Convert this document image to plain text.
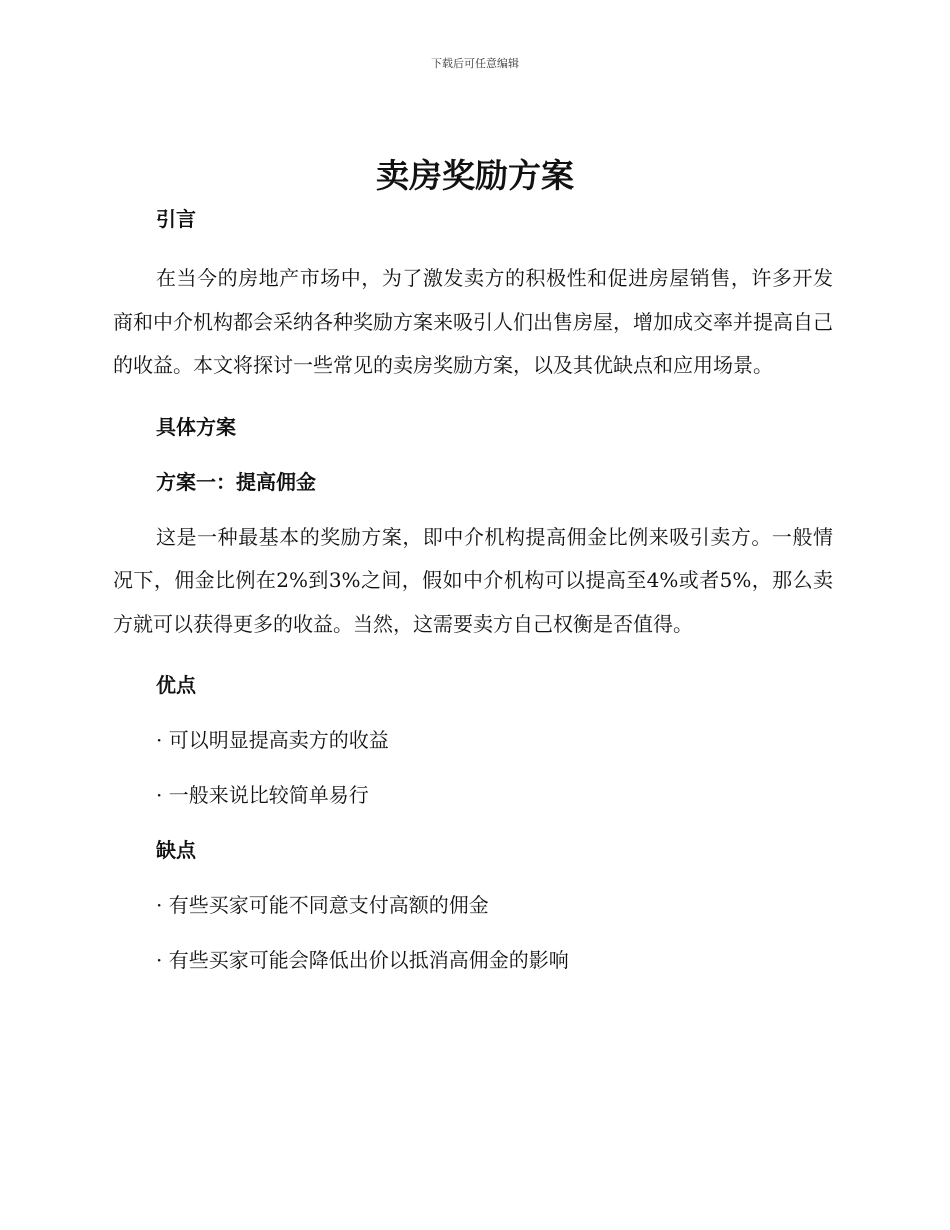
下载后可任意编辑
卖房奖励方案
引言

在当今的房地产市场中，为了激发卖方的积极性和促进房屋销售，许多开发商和中介机构都会采纳各种奖励方案来吸引人们出售房屋，增加成交率并提高自己的收益。本文将探讨一些常见的卖房奖励方案，以及其优缺点和应用场景。

具体方案
方案一：提高佣金

这是一种最基本的奖励方案，即中介机构提高佣金比例来吸引卖方。一般情况下，佣金比例在2%到3%之间，假如中介机构可以提高至4%或者5%，那么卖方就可以获得更多的收益。当然，这需要卖方自己权衡是否值得。

优点
· 可以明显提高卖方的收益
· 一般来说比较简单易行
缺点
· 有些买家可能不同意支付高额的佣金
· 有些买家可能会降低出价以抵消高佣金的影响
